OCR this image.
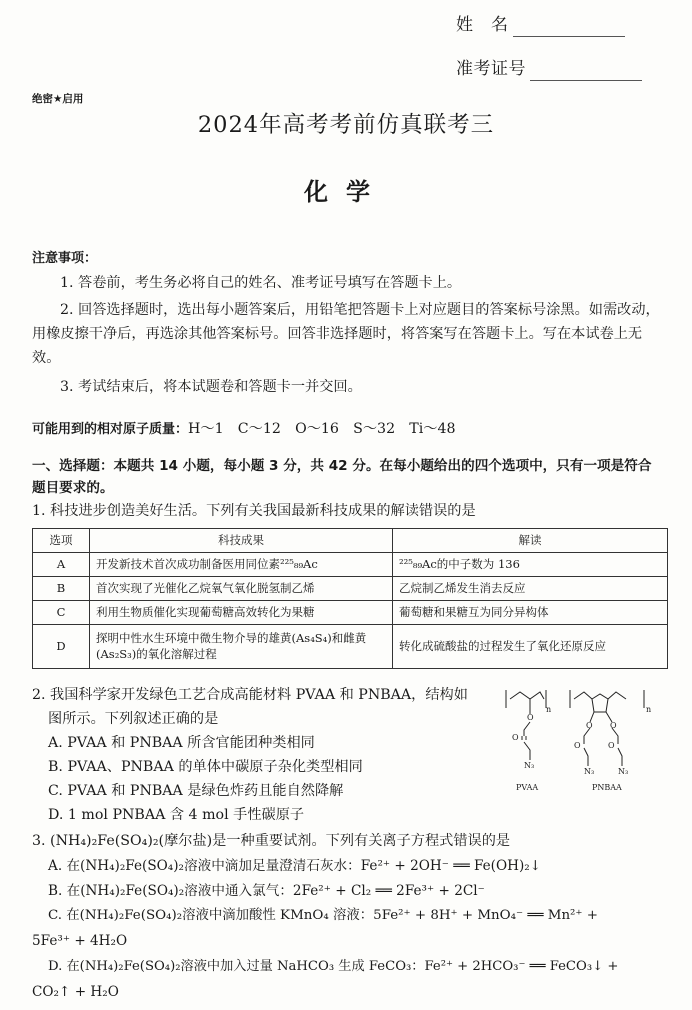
姓　名
准考证号
绝密★启用
2024年高考考前仿真联考三
化学
注意事项：
1. 答卷前，考生务必将自己的姓名、准考证号填写在答题卡上。
2. 回答选择题时，选出每小题答案后，用铅笔把答题卡上对应题目的答案标号涂黑。如需改动，用橡皮擦干净后，再选涂其他答案标号。回答非选择题时，将答案写在答题卡上。写在本试卷上无效。
3. 考试结束后，将本试题卷和答题卡一并交回。
可能用到的相对原子质量：H～1　C～12　O～16　S～32　Ti～48
一、选择题：本题共 14 小题，每小题 3 分，共 42 分。在每小题给出的四个选项中，只有一项是符合题目要求的。
1. 科技进步创造美好生活。下列有关我国最新科技成果的解读错误的是
选项	科技成果	解读
A	开发新技术首次成功制备医用同位素²²⁵₈₉Ac	²²⁵₈₉Ac的中子数为 136
B	首次实现了光催化乙烷氧气氧化脱氢制乙烯	乙烷制乙烯发生消去反应
C	利用生物质催化实现葡萄糖高效转化为果糖	葡萄糖和果糖互为同分异构体
D	探明中性水生环境中微生物介导的雄黄(As₄S₄)和雌黄(As₂S₃)的氧化溶解过程	转化成硫酸盐的过程发生了氧化还原反应
2. 我国科学家开发绿色工艺合成高能材料 PVAA 和 PNBAA，结构如
图所示。下列叙述正确的是
A. PVAA 和 PNBAA 所含官能团种类相同
B. PVAA、PNBAA 的单体中碳原子杂化类型相同
C. PVAA 和 PNBAA 是绿色炸药且能自然降解
D. 1 mol PNBAA 含 4 mol 手性碳原子
n	n
O
O
N₃
O O
O	O
N₃	N₃
PVAA	PNBAA
3. (NH₄)₂Fe(SO₄)₂(摩尔盐)是一种重要试剂。下列有关离子方程式错误的是
A. 在(NH₄)₂Fe(SO₄)₂溶液中滴加足量澄清石灰水：Fe²⁺ + 2OH⁻ ══ Fe(OH)₂↓
B. 在(NH₄)₂Fe(SO₄)₂溶液中通入氯气：2Fe²⁺ + Cl₂ ══ 2Fe³⁺ + 2Cl⁻
C. 在(NH₄)₂Fe(SO₄)₂溶液中滴加酸性 KMnO₄ 溶液：5Fe²⁺ + 8H⁺ + MnO₄⁻ ══ Mn²⁺ +
5Fe³⁺ + 4H₂O
D. 在(NH₄)₂Fe(SO₄)₂溶液中加入过量 NaHCO₃ 生成 FeCO₃：Fe²⁺ + 2HCO₃⁻ ══ FeCO₃↓ +
CO₂↑ + H₂O
